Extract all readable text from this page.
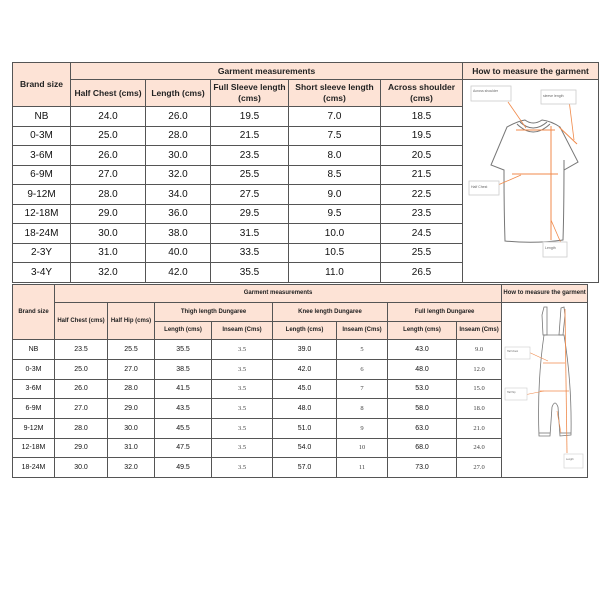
Brand size	Garment measurements					How to measure the garment
	Half Chest (cms)	Length (cms)	Full Sleeve length (cms)	Short sleeve length (cms)	Across shoulder (cms)	Across shoulder
sleeve length
Half Chest
Length

NB	24.0	26.0	19.5	7.0	18.5	
0-3M	25.0	28.0	21.5	7.5	19.5	
3-6M	26.0	30.0	23.5	8.0	20.5	
6-9M	27.0	32.0	25.5	8.5	21.5	
9-12M	28.0	34.0	27.5	9.0	22.5	
12-18M	29.0	36.0	29.5	9.5	23.5	
18-24M	30.0	38.0	31.5	10.0	24.5	
2-3Y	31.0	40.0	33.5	10.5	25.5	
3-4Y	32.0	42.0	35.5	11.0	26.5	
Brand size	Garment measurements								How to measure the garment
	Half Chest (cms)	Half Hip (cms)	Thigh length Dungaree		Knee length Dungaree		Full length Dungaree		Half chest
Half hip
Length

			Length (cms)	Inseam (Cms)	Length (cms)	Inseam (Cms)	Length (cms)	Inseam (Cms)	
NB	23.5	25.5	35.5	3.5	39.0	5	43.0	9.0	
0-3M	25.0	27.0	38.5	3.5	42.0	6	48.0	12.0	
3-6M	26.0	28.0	41.5	3.5	45.0	7	53.0	15.0	
6-9M	27.0	29.0	43.5	3.5	48.0	8	58.0	18.0	
9-12M	28.0	30.0	45.5	3.5	51.0	9	63.0	21.0	
12-18M	29.0	31.0	47.5	3.5	54.0	10	68.0	24.0	
18-24M	30.0	32.0	49.5	3.5	57.0	11	73.0	27.0	
